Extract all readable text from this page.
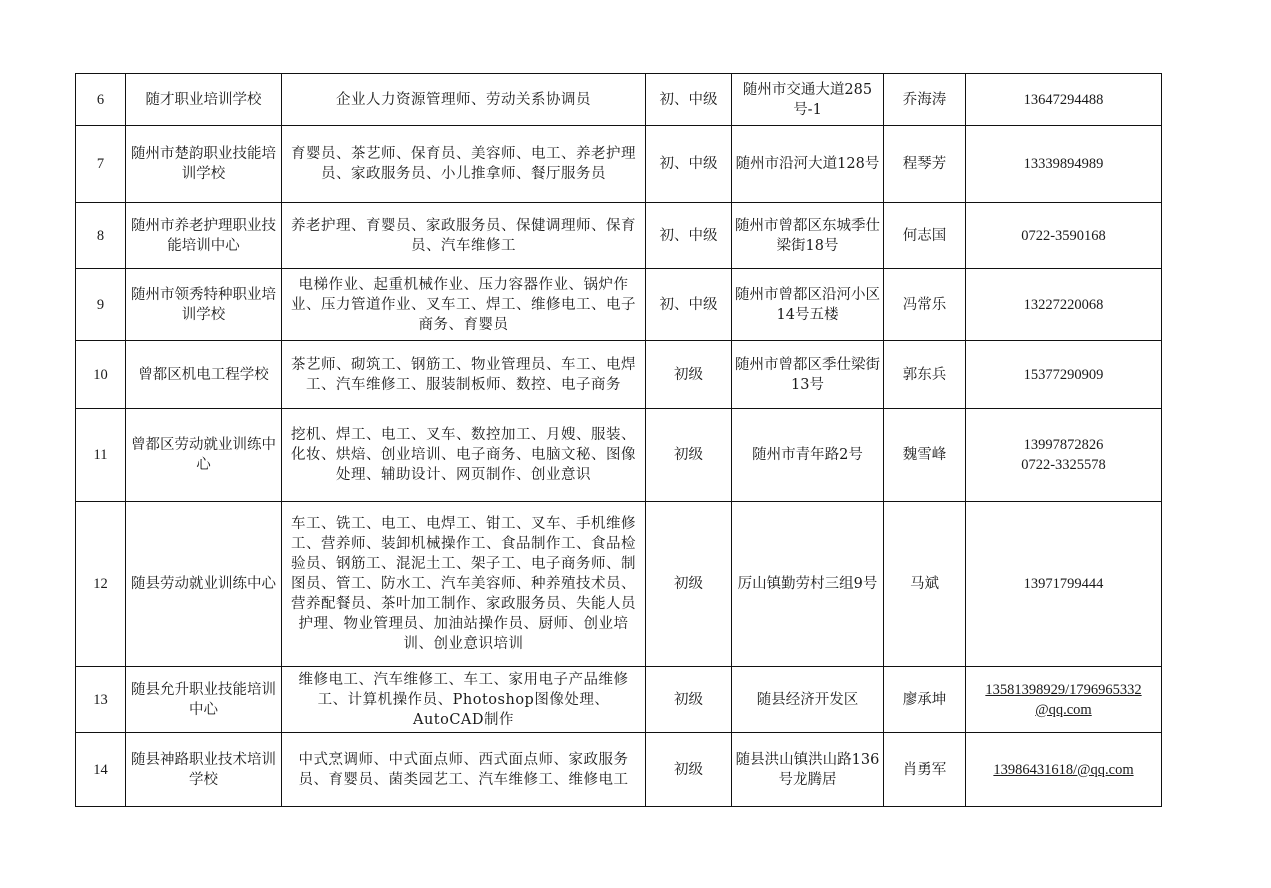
6	随才职业培训学校	企业人力资源管理师、劳动关系协调员	初、中级	随州市交通大道285号-1	乔海涛	13647294488

7	随州市楚韵职业技能培训学校	育婴员、茶艺师、保育员、美容师、电工、养老护理员、家政服务员、小儿推拿师、餐厅服务员	初、中级	随州市沿河大道128号	程琴芳	13339894989

8	随州市养老护理职业技能培训中心	养老护理、育婴员、家政服务员、保健调理师、保育员、汽车维修工	初、中级	随州市曾都区东城季仕梁街18号	何志国	0722-3590168

9	随州市领秀特种职业培训学校	电梯作业、起重机械作业、压力容器作业、锅炉作业、压力管道作业、叉车工、焊工、维修电工、电子商务、育婴员	初、中级	随州市曾都区沿河小区14号五楼	冯常乐	13227220068

10	曾都区机电工程学校	茶艺师、砌筑工、钢筋工、物业管理员、车工、电焊工、汽车维修工、服装制板师、数控、电子商务	初级	随州市曾都区季仕梁街13号	郭东兵	15377290909

11	曾都区劳动就业训练中心	挖机、焊工、电工、叉车、数控加工、月嫂、服装、化妆、烘焙、创业培训、电子商务、电脑文秘、图像处理、辅助设计、网页制作、创业意识	初级	随州市青年路2号	魏雪峰	13997872826
0722-3325578

12	随县劳动就业训练中心	车工、铣工、电工、电焊工、钳工、叉车、手机维修工、营养师、装卸机械操作工、食品制作工、食品检验员、钢筋工、混泥土工、架子工、电子商务师、制图员、管工、防水工、汽车美容师、种养殖技术员、营养配餐员、茶叶加工制作、家政服务员、失能人员护理、物业管理员、加油站操作员、厨师、创业培训、创业意识培训	初级	厉山镇勤劳村三组9号	马斌	13971799444

13	随县允升职业技能培训中心	维修电工、汽车维修工、车工、家用电子产品维修工、计算机操作员、Photoshop图像处理、AutoCAD制作	初级	随县经济开发区	廖承坤	13581398929/1796965332
@qq.com

14	随县神路职业技术培训学校	中式烹调师、中式面点师、西式面点师、家政服务员、育婴员、菌类园艺工、汽车维修工、维修电工	初级	随县洪山镇洪山路136号龙腾居	肖勇军	13986431618/@qq.com
